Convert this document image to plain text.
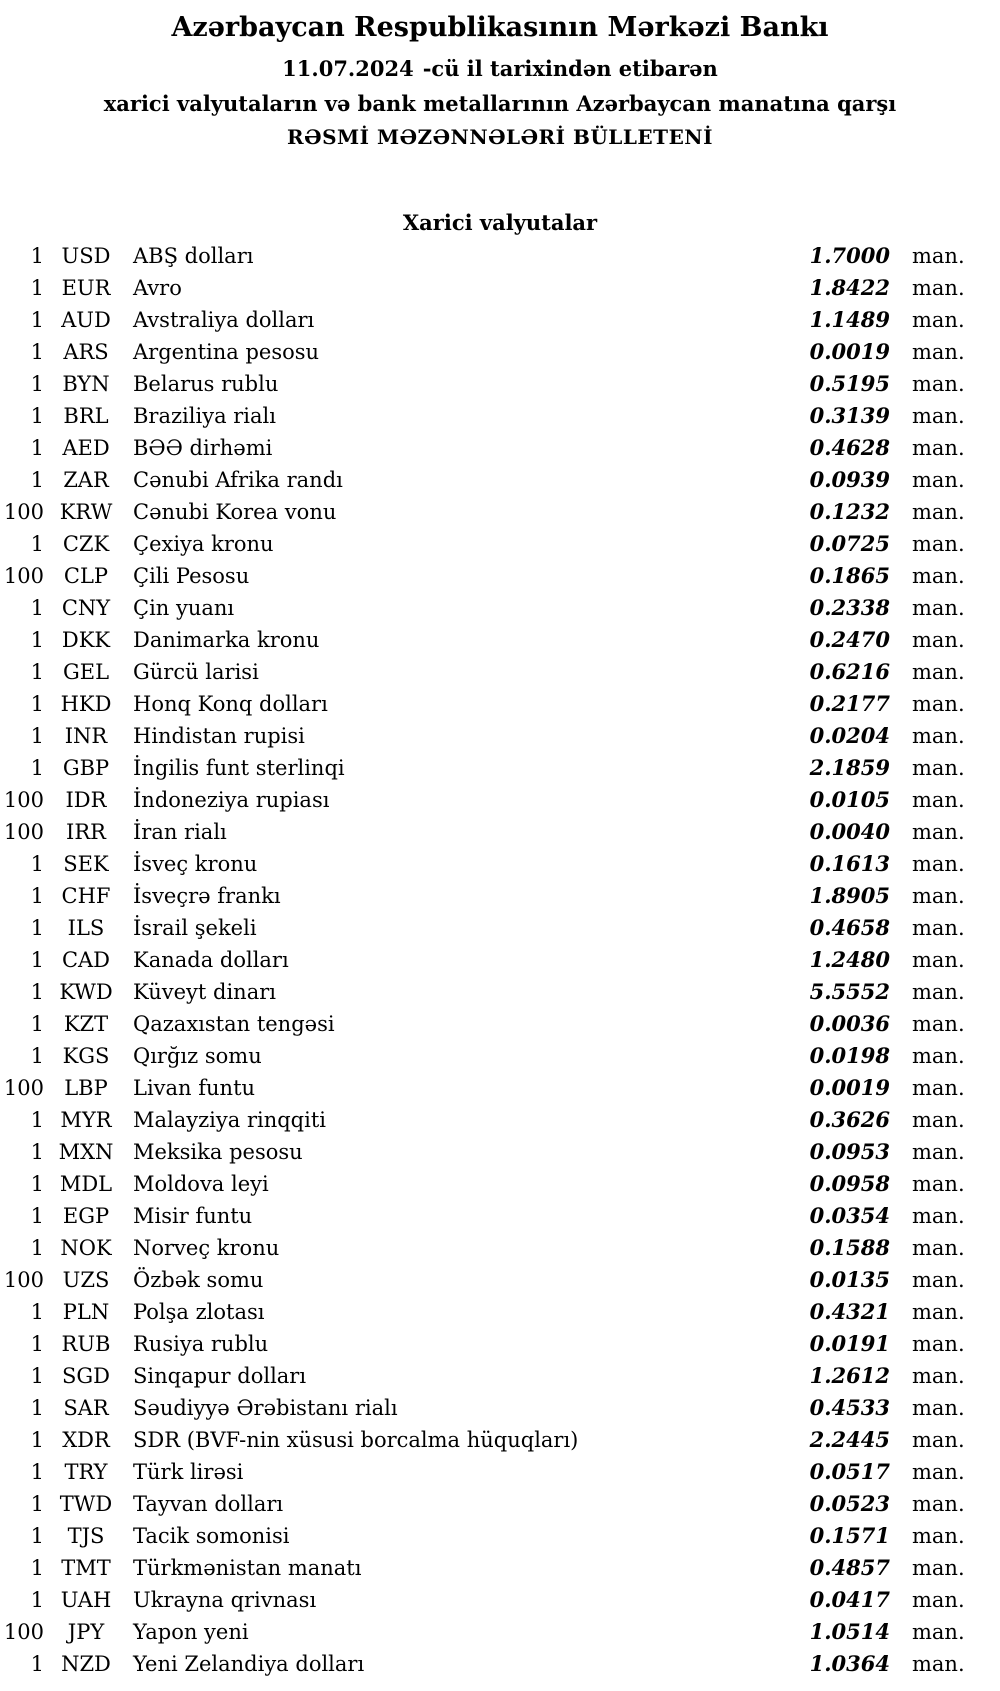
Azərbaycan Respublikasının Mərkəzi Bankı
11.07.2024 -cü il tarixindən etibarən
xarici valyutaların və bank metallarının Azərbaycan manatına qarşı
RƏSMİ MƏZƏNNƏLƏRİ BÜLLETENİ
Xarici valyutalar
1 USD	ABŞ dolları	1.7000	man.
1 EUR	Avro	1.8422	man.
1 AUD	Avstraliya dolları	1.1489	man.
1 ARS	Argentina pesosu	0.0019	man.
1 BYN	Belarus rublu	0.5195	man.
1 BRL	Braziliya rialı	0.3139	man.
1 AED	BƏƏ dirhəmi	0.4628	man.
1 ZAR	Cənubi Afrika randı	0.0939	man.
100 KRW Cənubi Korea vonu	0.1232	man.
1 CZK	Çexiya kronu	0.0725	man.
100 CLP	Çili Pesosu	0.1865	man.
1 CNY	Çin yuanı	0.2338	man.
1 DKK	Danimarka kronu	0.2470	man.
1 GEL	Gürcü larisi	0.6216	man.
1 HKD	Honq Konq dolları	0.2177	man.
1 INR	Hindistan rupisi	0.0204	man.
1 GBP	İngilis funt sterlinqi	2.1859	man.
100	IDR	İndoneziya rupiası	0.0105	man.
100	IRR	İran rialı	0.0040	man.
1 SEK	İsveç kronu	0.1613	man.
1 CHF	İsveçrə frankı	1.8905	man.
1	ILS	İsrail şekeli	0.4658	man.
1 CAD	Kanada dolları	1.2480	man.
1 KWD Küveyt dinarı	5.5552	man.
1 KZT	Qazaxıstan tengəsi	0.0036	man.
1 KGS	Qırğız somu	0.0198	man.
100 LBP	Livan funtu	0.0019	man.
1 MYR	Malayziya rinqqiti	0.3626	man.
1 MXN Meksika pesosu	0.0953	man.
1 MDL Moldova leyi	0.0958	man.
1 EGP	Misir funtu	0.0354	man.
1 NOK	Norveç kronu	0.1588	man.
100 UZS	Özbək somu	0.0135	man.
1 PLN	Polşa zlotası	0.4321	man.
1 RUB	Rusiya rublu	0.0191	man.
1 SGD	Sinqapur dolları	1.2612	man.
1 SAR	Səudiyyə Ərəbistanı rialı	0.4533	man.
1 XDR	SDR (BVF-nin xüsusi borcalma hüquqları)	2.2445	man.
1 TRY	Türk lirəsi	0.0517	man.
1 TWD Tayvan dolları	0.0523	man.
1	TJS	Tacik somonisi	0.1571	man.
1 TMT	Türkmənistan manatı	0.4857	man.
1 UAH	Ukrayna qrivnası	0.0417	man.
100	JPY	Yapon yeni	1.0514	man.
1 NZD	Yeni Zelandiya dolları	1.0364	man.
